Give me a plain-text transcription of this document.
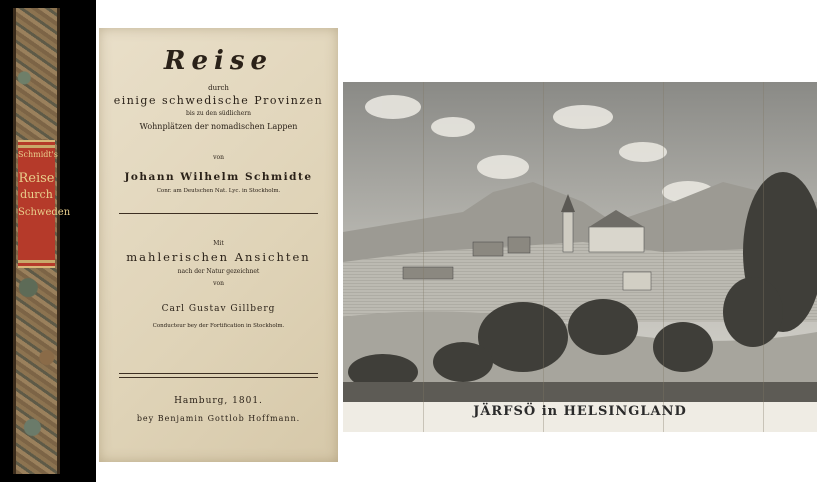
Schmidt's
Reise
durch
Schweden
Reise
durch
einige schwedische Provinzen
bis zu den südlichern
Wohnplätzen der nomadischen Lappen
von
Johann Wilhelm Schmidte
Conr. am Deutschen Nat. Lyc. in Stockholm.
Mit
mahlerischen Ansichten
nach der Natur gezeichnet
von
Carl Gustav Gillberg
Conducteur bey der Fortification in Stockholm.
Hamburg, 1801.
bey Benjamin Gottlob Hoffmann.	JÄRFSÖ in HELSINGLAND
